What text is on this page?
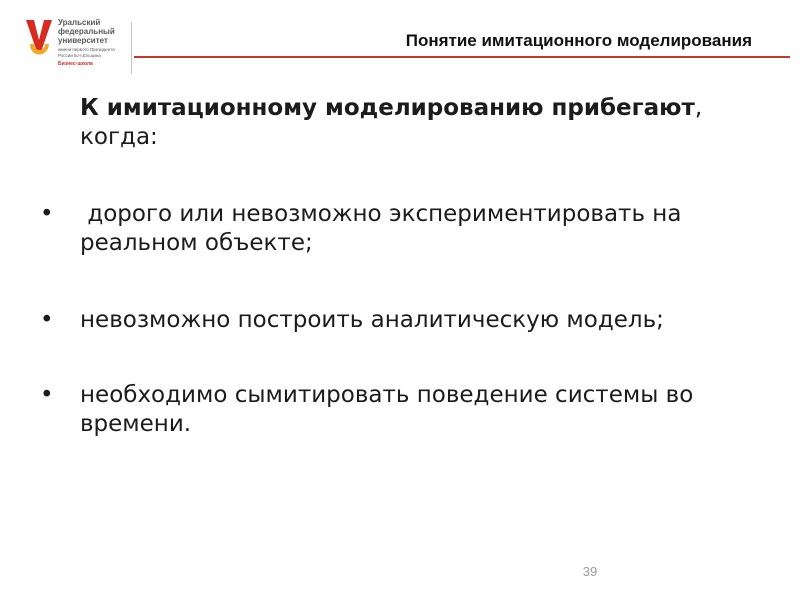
Уральский
федеральный
университет
имени первого Президента
России Б.Н.Ельцина
Бизнес-школа
Понятие имитационного моделирования

К имитационному моделированию прибегают, когда:

• дорого или невозможно экспериментировать на реальном объекте;
• невозможно построить аналитическую модель;
• необходимо сымитировать поведение системы во времени.
39
